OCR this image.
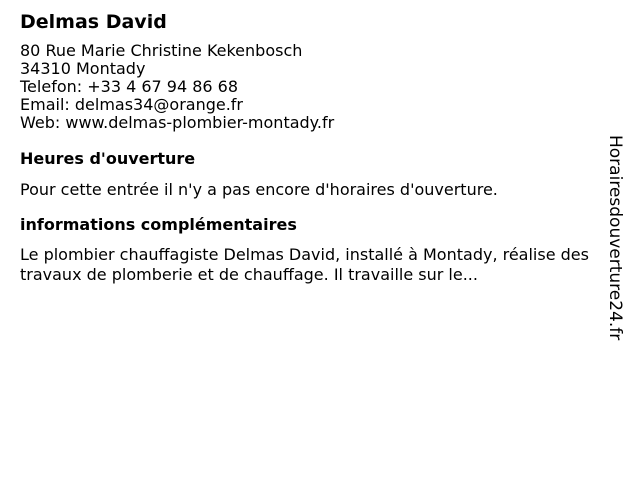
Delmas David
80 Rue Marie Christine Kekenbosch
34310 Montady
Telefon: +33 4 67 94 86 68
Email: delmas34@orange.fr
Web: www.delmas-plombier-montady.fr
Heures d'ouverture
Pour cette entrée il n'y a pas encore d'horaires d'ouverture.
informations complémentaires
Le plombier chauffagiste Delmas David, installé à Montady, réalise des travaux de plomberie et de chauffage. Il travaille sur le...	Horairesdouverture24.fr
